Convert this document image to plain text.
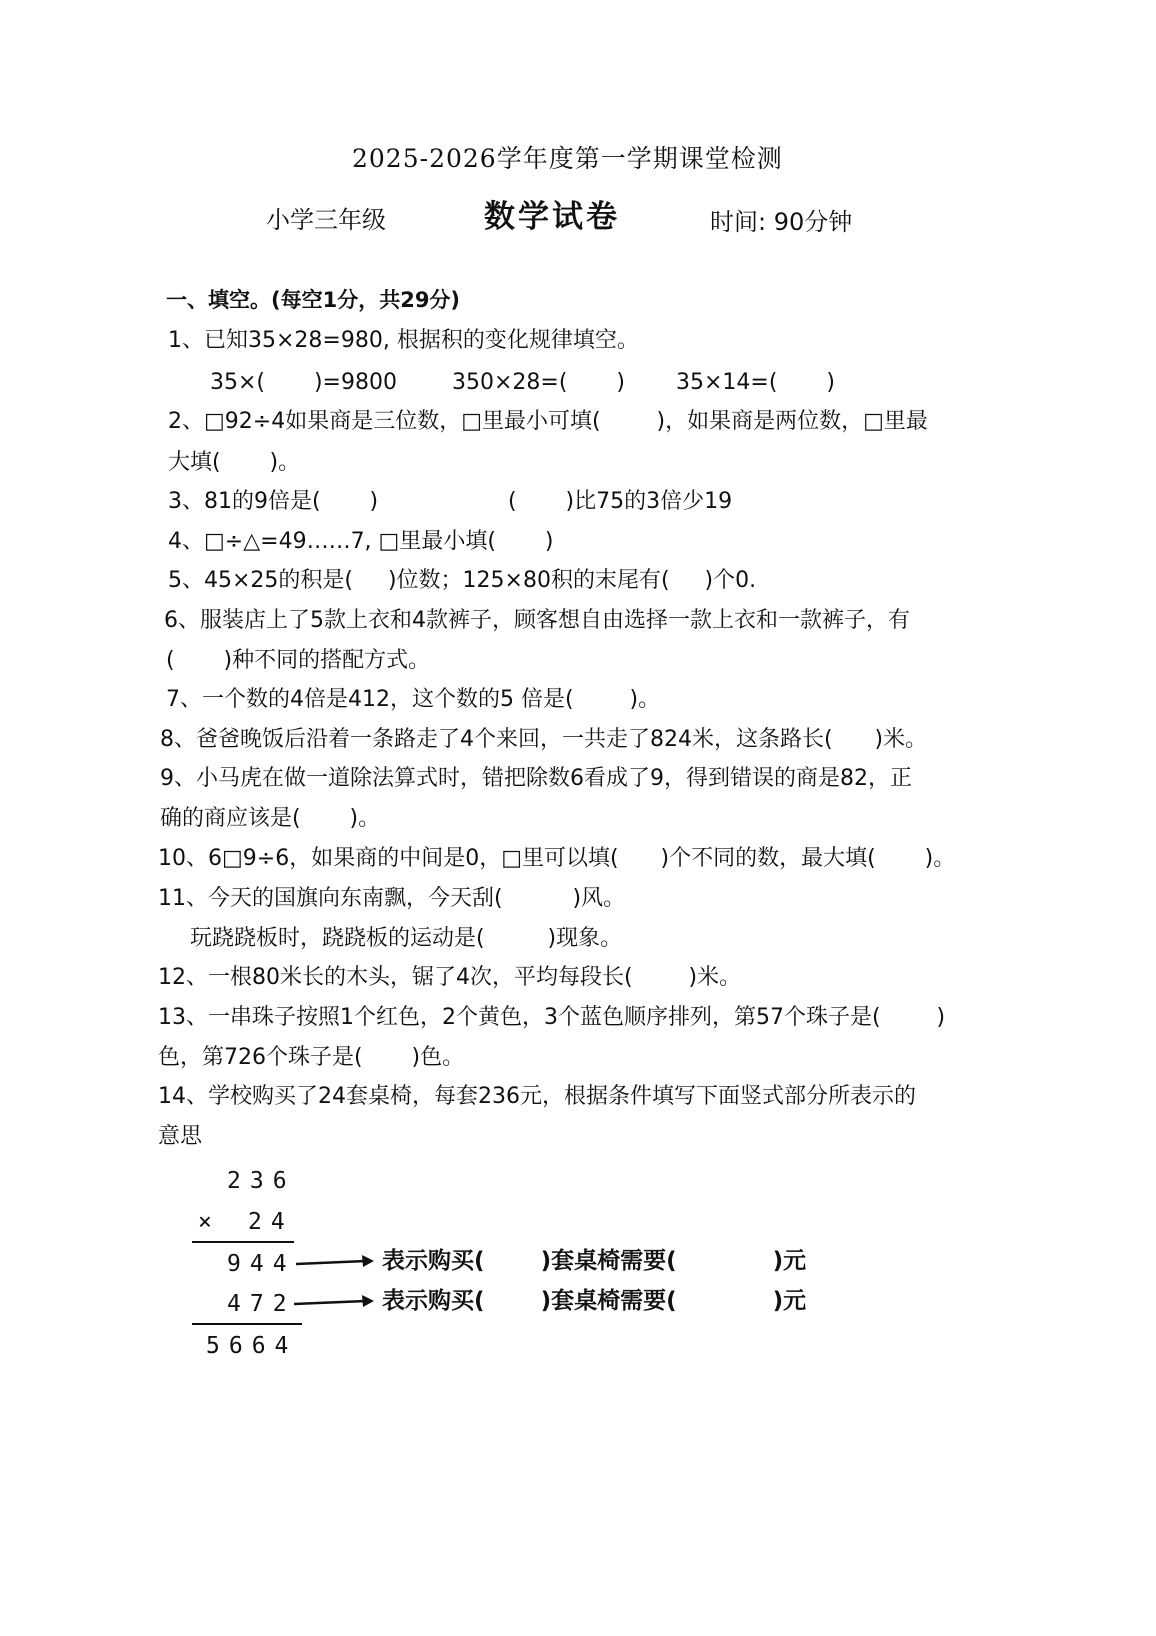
2025-2026学年度第一学期课堂检测
小学三年级	数学试卷	时间: 90分钟
一、填空。(每空1分，共29分)
1、已知35×28=980, 根据积的变化规律填空。
35×(       )=9800	350×28=(       ) 35×14=(       )
2、□92÷4如果商是三位数，□里最小可填(        )，如果商是两位数，□里最
大填(       )。
3、81的9倍是(       )	(       )比75的3倍少19
4、□÷△=49……7, □里最小填(       )
5、45×25的积是(     )位数；125×80积的末尾有(     )个0.
6、服装店上了5款上衣和4款裤子，顾客想自由选择一款上衣和一款裤子，有
(       )种不同的搭配方式。
7、一个数的4倍是412，这个数的5 倍是(        )。
8、爸爸晚饭后沿着一条路走了4个来回，一共走了824米，这条路长(      )米。
9、小马虎在做一道除法算式时，错把除数6看成了9，得到错误的商是82，正
确的商应该是(       )。
10、6□9÷6，如果商的中间是0，□里可以填(      )个不同的数，最大填(       )。
11、今天的国旗向东南飘，今天刮(          )风。
玩跷跷板时，跷跷板的运动是(         )现象。
12、一根80米长的木头，锯了4次，平均每段长(        )米。
13、一串珠子按照1个红色，2个黄色，3个蓝色顺序排列，第57个珠子是(        )
色，第726个珠子是(       )色。
14、学校购买了24套桌椅，每套236元，根据条件填写下面竖式部分所表示的
意思
236
× 24
944
472
5664
表示购买(       )套桌椅需要(            )元
表示购买(       )套桌椅需要(            )元
